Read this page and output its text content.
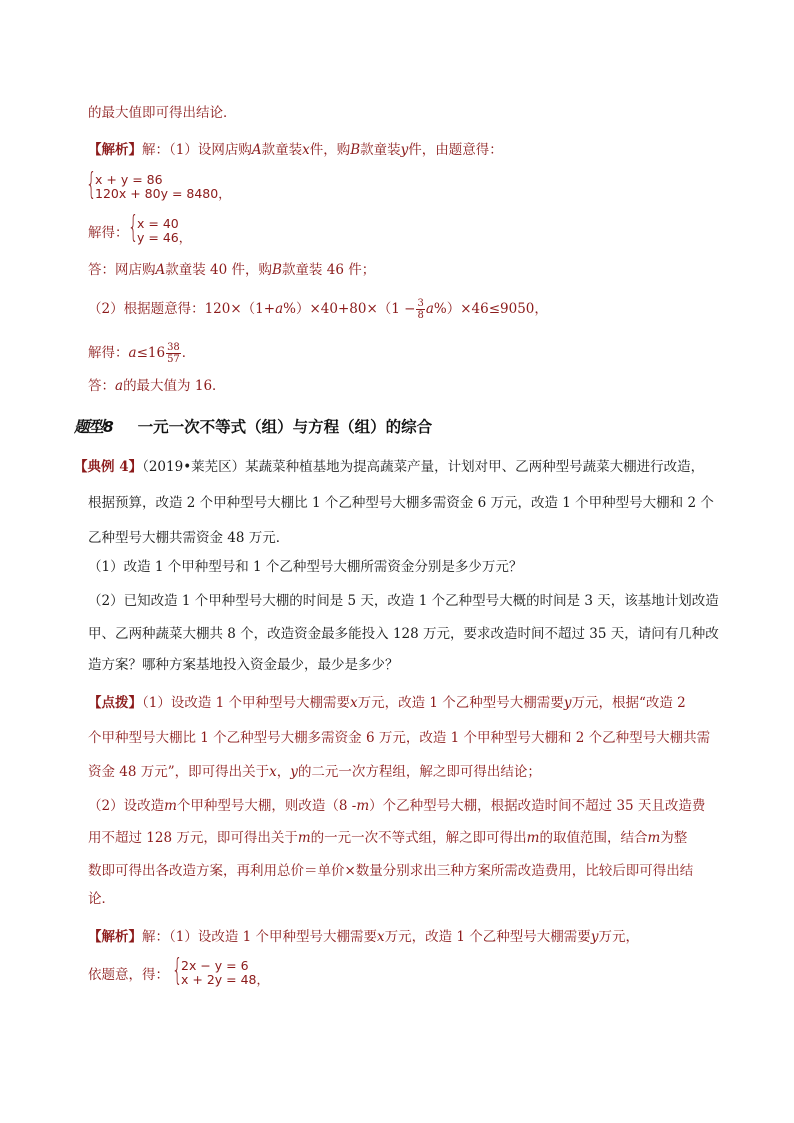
的最大值即可得出结论．
【解析】解：（1）设网店购A款童装x件，购B款童装y件，由题意得：
{
x + y = 86
120x + 80y = 8480，
解得： {
x = 40
y = 46，
答：网店购A款童装 40 件，购B款童装 46 件；
（2）根据题意得：$120\times(1+a\%)\times 40+80\times(1 - \frac{3}{8} a\%)\times 46\le 9050$，
解得：$a\le 16 \frac{38}{57}$ ．
答：a的最大值为 16．
题型8 一元一次不等式（组）与方程（组）的综合
【典例 4】（2019•莱芜区）某蔬菜种植基地为提高蔬菜产量，计划对甲、乙两种型号蔬菜大棚进行改造，
根据预算，改造 2 个甲种型号大棚比 1 个乙种型号大棚多需资金 6 万元，改造 1 个甲种型号大棚和 2 个
乙种型号大棚共需资金 48 万元．
（1）改造 1 个甲种型号和 1 个乙种型号大棚所需资金分别是多少万元？
（2）已知改造 1 个甲种型号大棚的时间是 5 天，改造 1 个乙种型号大概的时间是 3 天，该基地计划改造
甲、乙两种蔬菜大棚共 8 个，改造资金最多能投入 128 万元，要求改造时间不超过 35 天，请问有几种改
造方案？哪种方案基地投入资金最少，最少是多少？
【点拨】（1）设改造 1 个甲种型号大棚需要x万元，改造 1 个乙种型号大棚需要y万元，根据“改造 2
个甲种型号大棚比 1 个乙种型号大棚多需资金 6 万元，改造 1 个甲种型号大棚和 2 个乙种型号大棚共需
资金 48 万元”，即可得出关于x，y的二元一次方程组，解之即可得出结论；
（2）设改造m个甲种型号大棚，则改造（8 -m）个乙种型号大棚，根据改造时间不超过 35 天且改造费
用不超过 128 万元，即可得出关于m的一元一次不等式组，解之即可得出m的取值范围，结合m为整
数即可得出各改造方案，再利用总价＝单价×数量分别求出三种方案所需改造费用，比较后即可得出结
论．
【解析】解：（1）设改造 1 个甲种型号大棚需要x万元，改造 1 个乙种型号大棚需要y万元，
依题意，得： {
2x − y = 6
x + 2y = 48，
